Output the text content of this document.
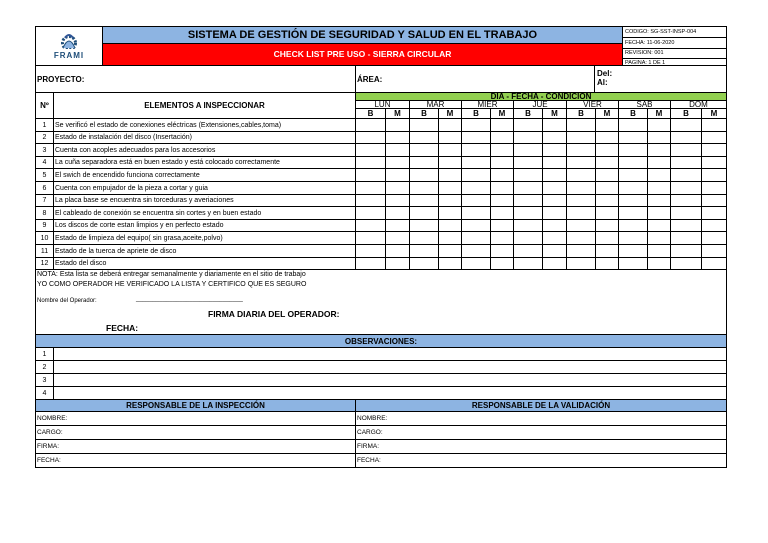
FRAMI
SISTEMA DE GESTIÓN DE SEGURIDAD Y SALUD EN EL TRABAJO
CHECK LIST PRE USO - SIERRA CIRCULAR
CODIGO: SG-SST-INSP-004
FECHA: 11-06-2020
REVISION: 001
PAGINA: 1 DE 1
PROYECTO:	ÁREA:
Del:
Al:
Nº	ELEMENTOS A INSPECCIONAR
DIA - FECHA - CONDICION
LUN
B	M
MAR
B	M
MIER
B	M
JUE
B	M
VIER
B	M
SAB
B	M
DOM
B	M
1	Se verificó el estado de conexiones eléctricas (Extensiones,cables,toma)
2	Estado de instalación del disco (Insertación)
3	Cuenta con acoples adecuados para los accesorios
4	La cuña separadora está en buen estado y está colocado correctamente
5	El swich de encendido funciona correctamente
6	Cuenta con empujador de la pieza a cortar y guia
7	La placa base se encuentra sin torceduras y averiaciones
8	El cableado de conexión se encuentra sin cortes y en buen estado
9	Los discos de corte estan limpios y en perfecto estado
10 Estado de limpieza del equipo( sin grasa,aceite,polvo)
11 Estado de la tuerca de apriete de disco
12 Estado del disco
NOTA: Esta lista se deberá entregar semanalmente y diariamente en el sitio de trabajo
YO COMO OPERADOR HE VERIFICADO LA LISTA Y CERTIFICO QUE ES SEGURO
Nombre del Operador:	________________________________
FIRMA DIARIA DEL OPERADOR:
FECHA:
OBSERVACIONES:
1
2
3
4
RESPONSABLE DE LA INSPECCIÓN	RESPONSABLE DE LA VALIDACIÓN
NOMBRE:	NOMBRE:
CARGO:	CARGO:
FIRMA:	FIRMA:
FECHA:	FECHA:
